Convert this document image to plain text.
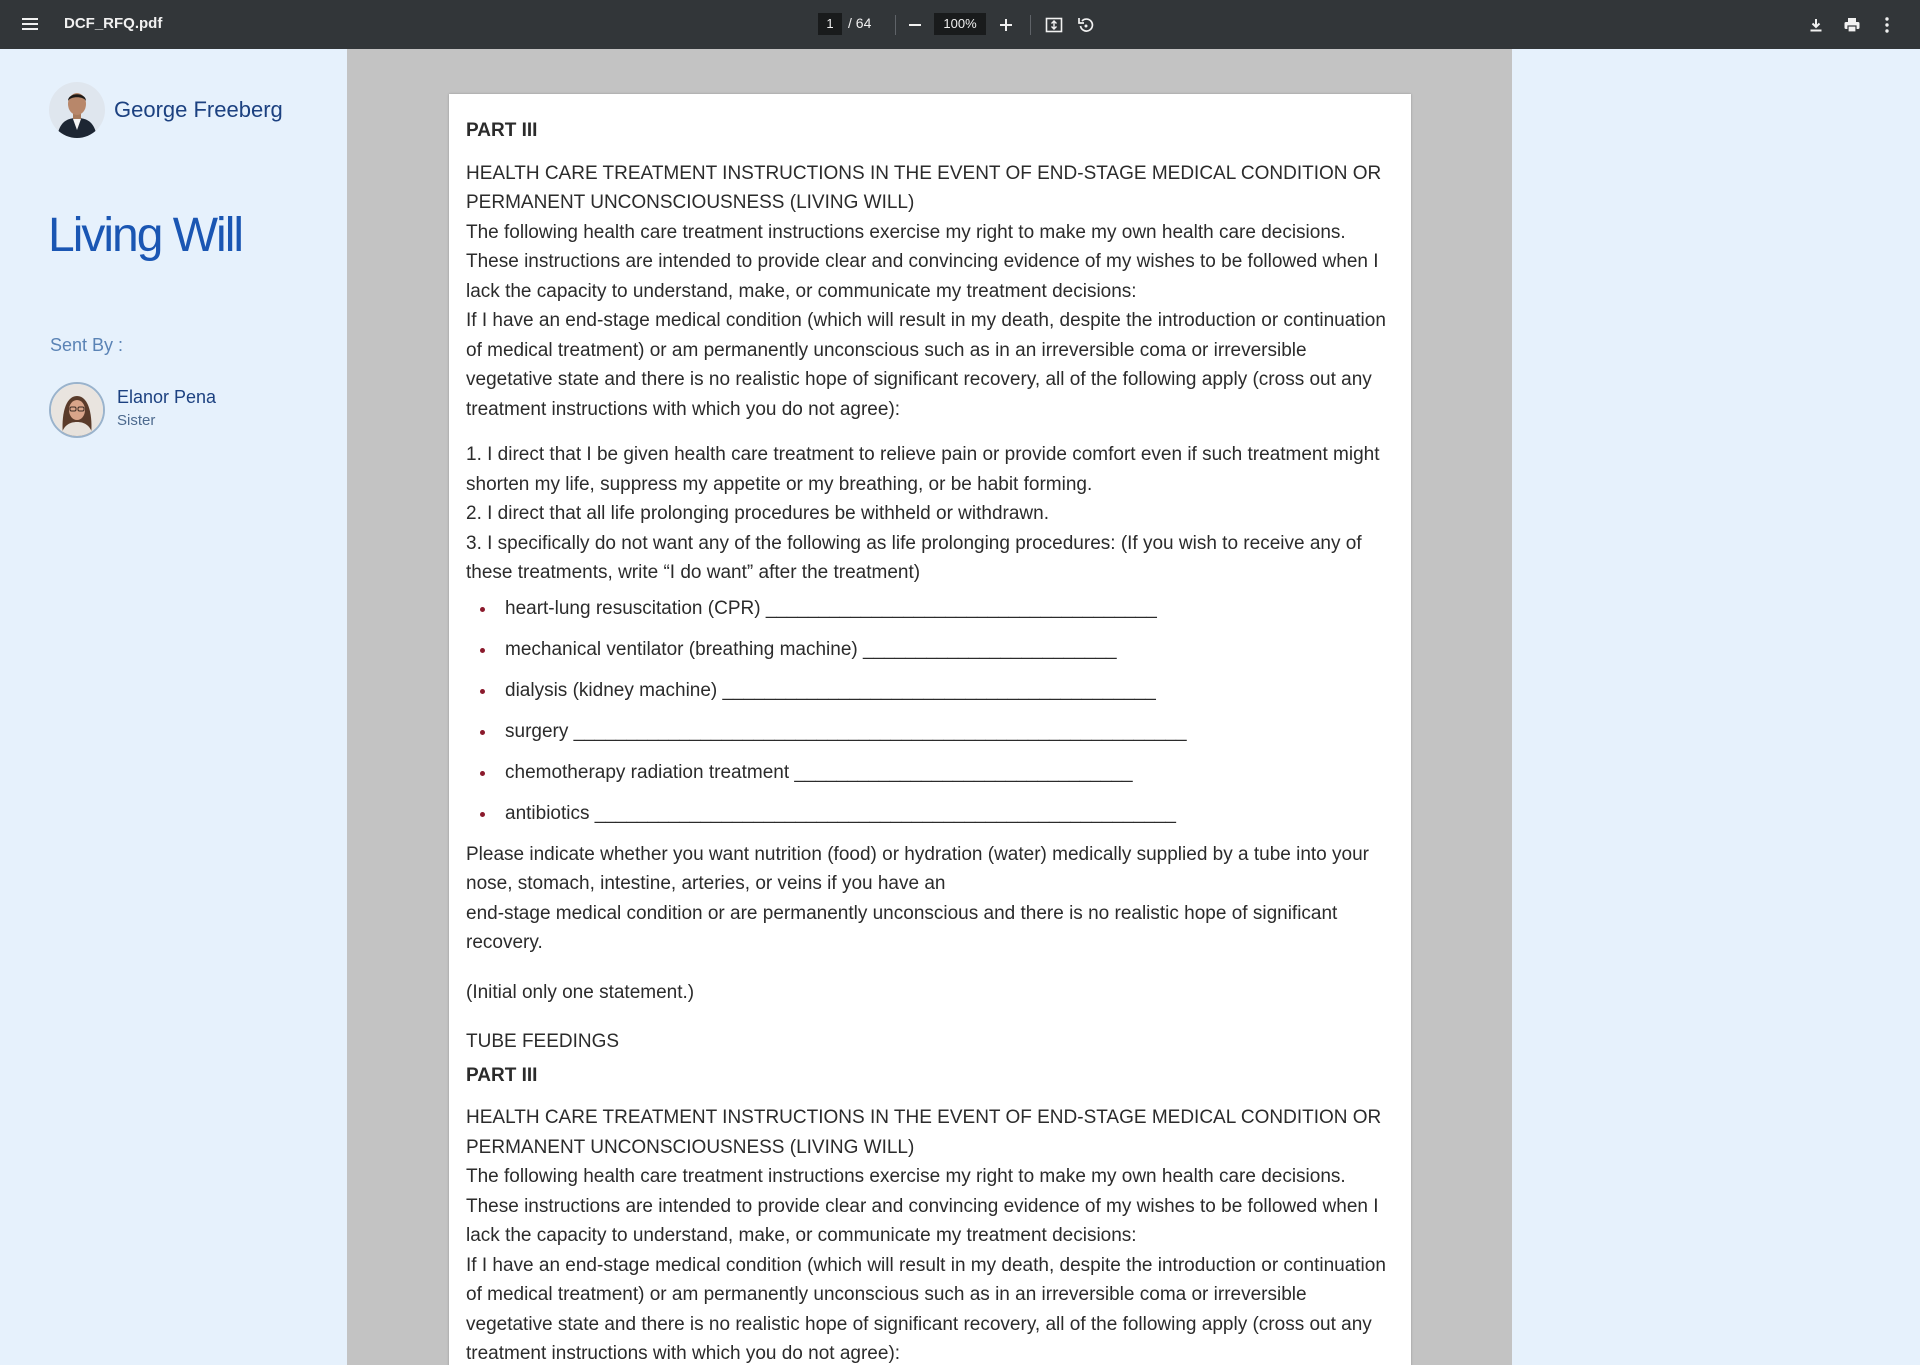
DCF_RFQ.pdf	1	/ 64	100%
George Freeberg
Living Will
Sent By :
Elanor Pena
Sister

PART III

HEALTH CARE TREATMENT INSTRUCTIONS IN THE EVENT OF END-STAGE MEDICAL CONDITION OR PERMANENT UNCONSCIOUSNESS (LIVING WILL)

The following health care treatment instructions exercise my right to make my own health care decisions. These instructions are intended to provide clear and convincing evidence of my wishes to be followed when I lack the capacity to understand, make, or communicate my treatment decisions:

If I have an end-stage medical condition (which will result in my death, despite the introduction or continuation of medical treatment) or am permanently unconscious such as in an irreversible coma or irreversible vegetative state and there is no realistic hope of significant recovery, all of the following apply (cross out any treatment instructions with which you do not agree):

1. I direct that I be given health care treatment to relieve pain or provide comfort even if such treatment might shorten my life, suppress my appetite or my breathing, or be habit forming.

2. I direct that all life prolonging procedures be withheld or withdrawn.

3. I specifically do not want any of the following as life prolonging procedures: (If you wish to receive any of these treatments, write “I do want” after the treatment)

heart-lung resuscitation (CPR) _____________________________________
mechanical ventilator (breathing machine) ________________________
dialysis (kidney machine) _________________________________________
surgery __________________________________________________________
chemotherapy radiation treatment ________________________________
antibiotics _______________________________________________________

Please indicate whether you want nutrition (food) or hydration (water) medically supplied by a tube into your nose, stomach, intestine, arteries, or veins if you have an

end-stage medical condition or are permanently unconscious and there is no realistic hope of significant recovery.

(Initial only one statement.)

TUBE FEEDINGS

PART III

HEALTH CARE TREATMENT INSTRUCTIONS IN THE EVENT OF END-STAGE MEDICAL CONDITION OR PERMANENT UNCONSCIOUSNESS (LIVING WILL)

The following health care treatment instructions exercise my right to make my own health care decisions. These instructions are intended to provide clear and convincing evidence of my wishes to be followed when I lack the capacity to understand, make, or communicate my treatment decisions:

If I have an end-stage medical condition (which will result in my death, despite the introduction or continuation of medical treatment) or am permanently unconscious such as in an irreversible coma or irreversible vegetative state and there is no realistic hope of significant recovery, all of the following apply (cross out any treatment instructions with which you do not agree):
